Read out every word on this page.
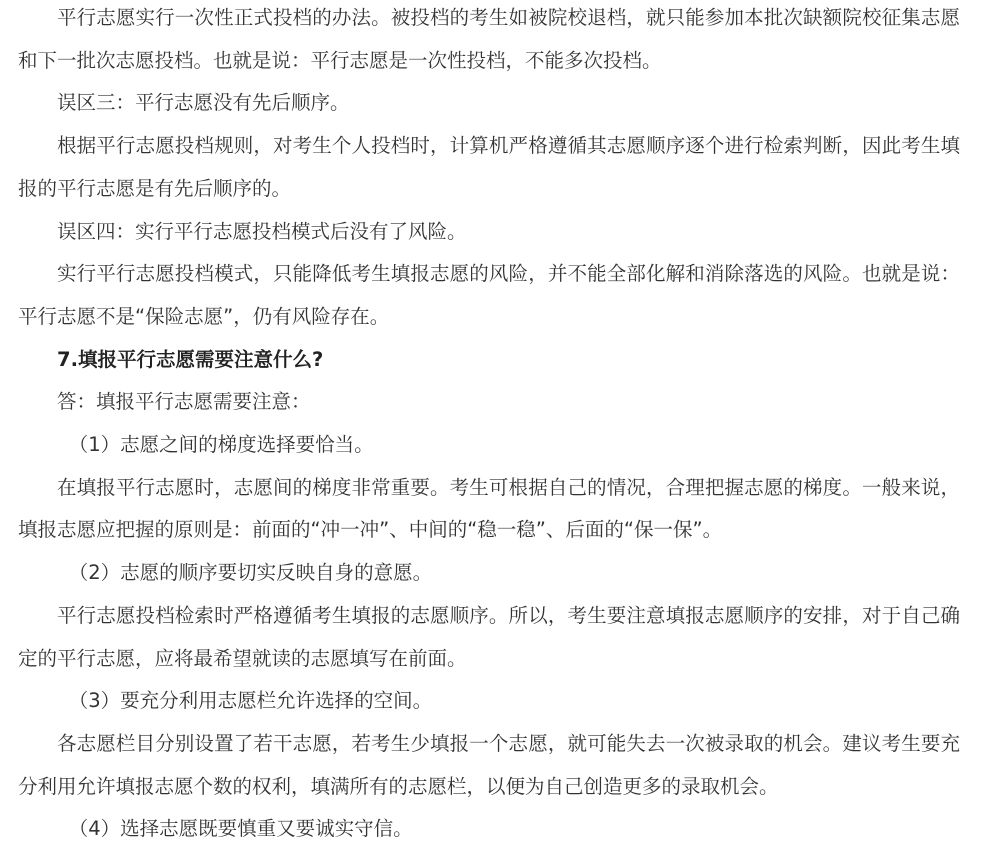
平行志愿实行一次性正式投档的办法。被投档的考生如被院校退档，就只能参加本批次缺额院校征集志愿和下一批次志愿投档。也就是说：平行志愿是一次性投档，不能多次投档。

误区三：平行志愿没有先后顺序。

根据平行志愿投档规则，对考生个人投档时，计算机严格遵循其志愿顺序逐个进行检索判断，因此考生填报的平行志愿是有先后顺序的。

误区四：实行平行志愿投档模式后没有了风险。

实行平行志愿投档模式，只能降低考生填报志愿的风险，并不能全部化解和消除落选的风险。也就是说：平行志愿不是“保险志愿”，仍有风险存在。

7.填报平行志愿需要注意什么?

答：填报平行志愿需要注意：

（1）志愿之间的梯度选择要恰当。

在填报平行志愿时，志愿间的梯度非常重要。考生可根据自己的情况，合理把握志愿的梯度。一般来说，填报志愿应把握的原则是：前面的“冲一冲”、中间的“稳一稳”、后面的“保一保”。

（2）志愿的顺序要切实反映自身的意愿。

平行志愿投档检索时严格遵循考生填报的志愿顺序。所以，考生要注意填报志愿顺序的安排，对于自己确定的平行志愿，应将最希望就读的志愿填写在前面。

（3）要充分利用志愿栏允许选择的空间。

各志愿栏目分别设置了若干志愿，若考生少填报一个志愿，就可能失去一次被录取的机会。建议考生要充分利用允许填报志愿个数的权利，填满所有的志愿栏，以便为自己创造更多的录取机会。

（4）选择志愿既要慎重又要诚实守信。
